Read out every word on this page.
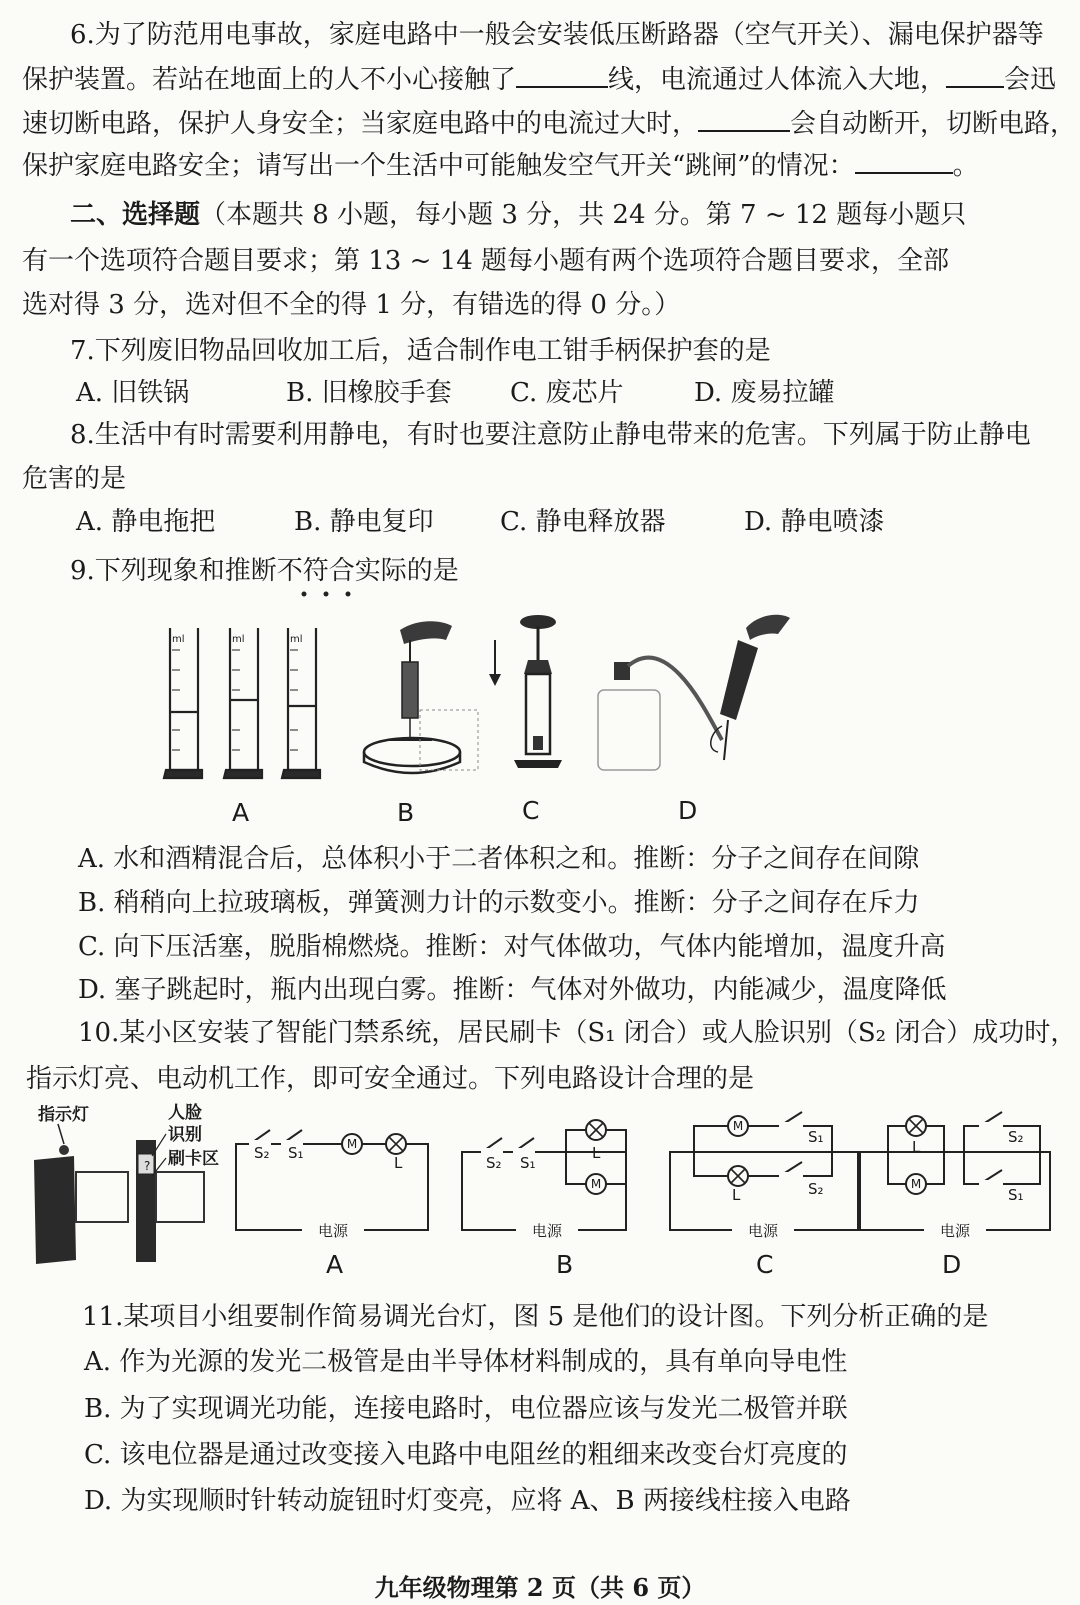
6.为了防范用电事故，家庭电路中一般会安装低压断路器（空气开关）、漏电保护器等
保护装置。若站在地面上的人不小心接触了	线，电流通过人体流入大地， 会迅
速切断电路，保护人身安全；当家庭电路中的电流过大时，	会自动断开，切断电路，
保护家庭电路安全；请写出一个生活中可能触发空气开关“跳闸”的情况：	。
二、选择题（本题共 8 小题，每小题 3 分，共 24 分。第 7 ~ 12 题每小题只
有一个选项符合题目要求；第 13 ~ 14 题每小题有两个选项符合题目要求，全部
选对得 3 分，选对但不全的得 1 分，有错选的得 0 分。）
7.下列废旧物品回收加工后，适合制作电工钳手柄保护套的是
A. 旧铁锅	B. 旧橡胶手套 C. 废芯片	D. 废易拉罐
8.生活中有时需要利用静电，有时也要注意防止静电带来的危害。下列属于防止静电
危害的是
A. 静电拖把	B. 静电复印	C. 静电释放器	D. 静电喷漆
9.下列现象和推断不符合实际的是
ml	ml	ml
A	B	C	D
A. 水和酒精混合后，总体积小于二者体积之和。推断：分子之间存在间隙
B. 稍稍向上拉玻璃板，弹簧测力计的示数变小。推断：分子之间存在斥力
C. 向下压活塞，脱脂棉燃烧。推断：对气体做功，气体内能增加，温度升高
D. 塞子跳起时，瓶内出现白雾。推断：气体对外做功，内能减少，温度降低
10.某小区安装了智能门禁系统，居民刷卡（S₁ 闭合）或人脸识别（S₂ 闭合）成功时，
指示灯亮、电动机工作，即可安全通过。下列电路设计合理的是
指示灯
?
人脸
识别
刷卡区
M
M
M
M
S₂ S₁
L	S₂ S₁
L
S₁
L	S₂
L
S₂
S₁
电源	电源	电源	电源
A	B	C	D
11.某项目小组要制作简易调光台灯，图 5 是他们的设计图。下列分析正确的是
A. 作为光源的发光二极管是由半导体材料制成的，具有单向导电性
B. 为了实现调光功能，连接电路时，电位器应该与发光二极管并联
C. 该电位器是通过改变接入电路中电阻丝的粗细来改变台灯亮度的
D. 为实现顺时针转动旋钮时灯变亮，应将 A、B 两接线柱接入电路
九年级物理第 2 页（共 6 页）
